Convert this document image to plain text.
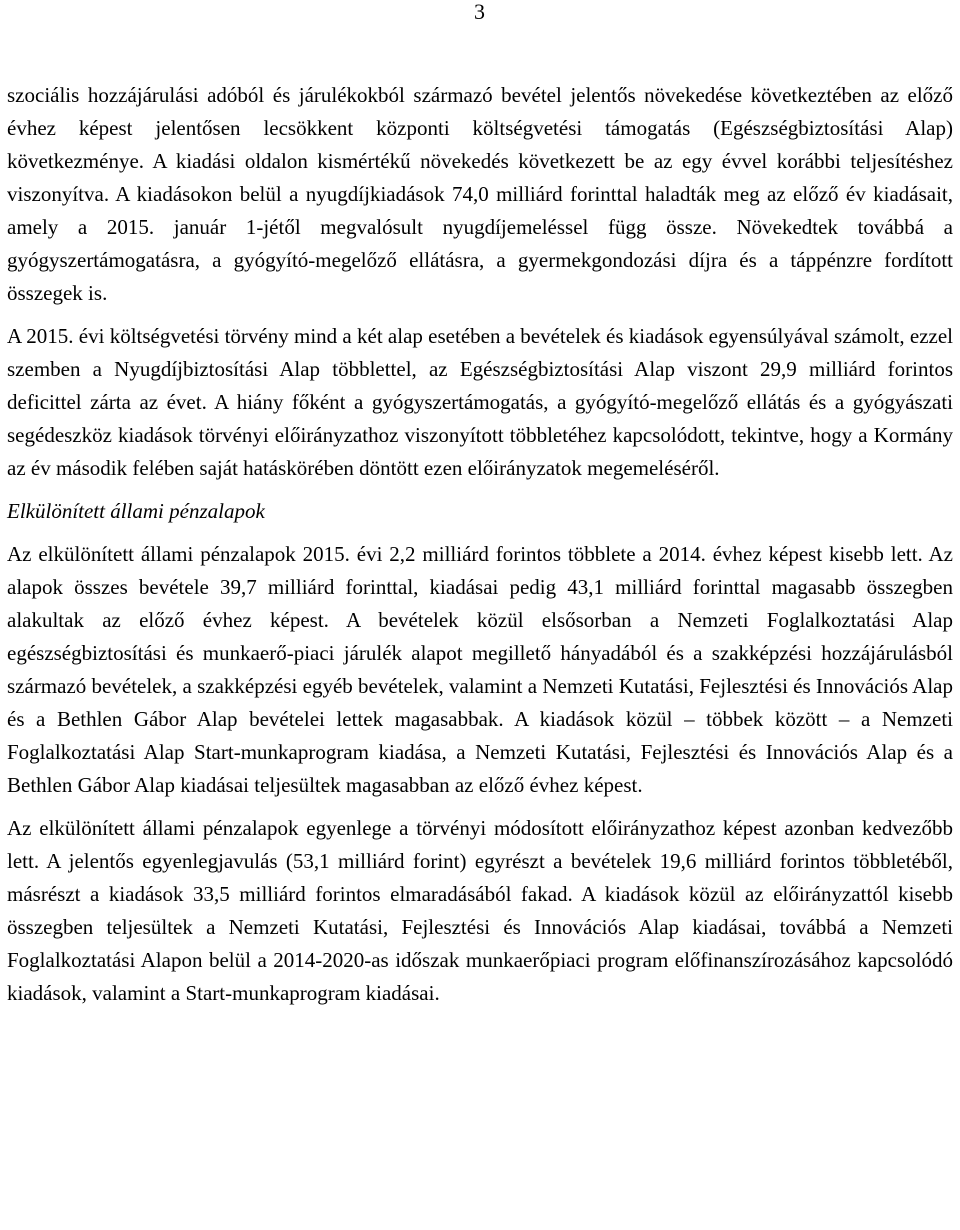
3

szociális hozzájárulási adóból és járulékokból származó bevétel jelentős növekedése következtében az előző évhez képest jelentősen lecsökkent központi költségvetési támogatás (Egészségbiztosítási Alap) következménye. A kiadási oldalon kismértékű növekedés következett be az egy évvel korábbi teljesítéshez viszonyítva. A kiadásokon belül a nyugdíjkiadások 74,0 milliárd forinttal haladták meg az előző év kiadásait, amely a 2015. január 1-jétől megvalósult nyugdíjemeléssel függ össze. Növekedtek továbbá a gyógyszertámogatásra, a gyógyító-megelőző ellátásra, a gyermekgondozási díjra és a táppénzre fordított összegek is.

A 2015. évi költségvetési törvény mind a két alap esetében a bevételek és kiadások egyensúlyával számolt, ezzel szemben a Nyugdíjbiztosítási Alap többlettel, az Egészségbiztosítási Alap viszont 29,9 milliárd forintos deficittel zárta az évet. A hiány főként a gyógyszertámogatás, a gyógyító-megelőző ellátás és a gyógyászati segédeszköz kiadások törvényi előirányzathoz viszonyított többletéhez kapcsolódott, tekintve, hogy a Kormány az év második felében saját hatáskörében döntött ezen előirányzatok megemeléséről.

Elkülönített állami pénzalapok

Az elkülönített állami pénzalapok 2015. évi 2,2 milliárd forintos többlete a 2014. évhez képest kisebb lett. Az alapok összes bevétele 39,7 milliárd forinttal, kiadásai pedig 43,1 milliárd forinttal magasabb összegben alakultak az előző évhez képest. A bevételek közül elsősorban a Nemzeti Foglalkoztatási Alap egészségbiztosítási és munkaerő-piaci járulék alapot megillető hányadából és a szakképzési hozzájárulásból származó bevételek, a szakképzési egyéb bevételek, valamint a Nemzeti Kutatási, Fejlesztési és Innovációs Alap és a Bethlen Gábor Alap bevételei lettek magasabbak. A kiadások közül – többek között – a Nemzeti Foglalkoztatási Alap Start-munkaprogram kiadása, a Nemzeti Kutatási, Fejlesztési és Innovációs Alap és a Bethlen Gábor Alap kiadásai teljesültek magasabban az előző évhez képest.

Az elkülönített állami pénzalapok egyenlege a törvényi módosított előirányzathoz képest azonban kedvezőbb lett. A jelentős egyenlegjavulás (53,1 milliárd forint) egyrészt a bevételek 19,6 milliárd forintos többletéből, másrészt a kiadások 33,5 milliárd forintos elmaradásából fakad. A kiadások közül az előirányzattól kisebb összegben teljesültek a Nemzeti Kutatási, Fejlesztési és Innovációs Alap kiadásai, továbbá a Nemzeti Foglalkoztatási Alapon belül a 2014-2020-as időszak munkaerőpiaci program előfinanszírozásához kapcsolódó kiadások, valamint a Start-munkaprogram kiadásai.
